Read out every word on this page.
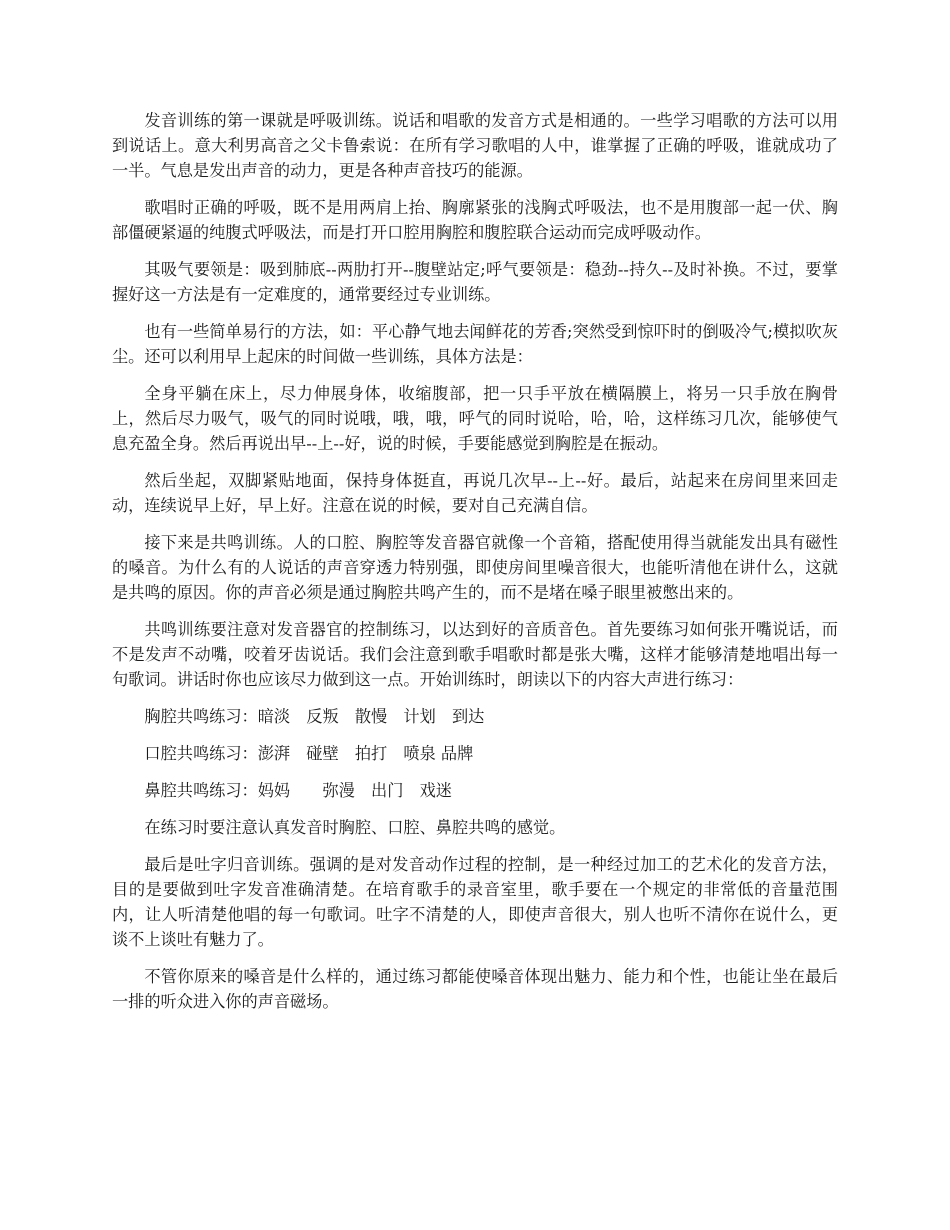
发音训练的第一课就是呼吸训练。说话和唱歌的发音方式是相通的。一些学习唱歌的方法可以用到说话上。意大利男高音之父卡鲁索说：在所有学习歌唱的人中，谁掌握了正确的呼吸，谁就成功了一半。气息是发出声音的动力，更是各种声音技巧的能源。

歌唱时正确的呼吸，既不是用两肩上抬、胸廓紧张的浅胸式呼吸法，也不是用腹部一起一伏、胸部僵硬紧逼的纯腹式呼吸法，而是打开口腔用胸腔和腹腔联合运动而完成呼吸动作。

其吸气要领是：吸到肺底--两肋打开--腹壁站定;呼气要领是：稳劲--持久--及时补换。不过，要掌握好这一方法是有一定难度的，通常要经过专业训练。

也有一些简单易行的方法，如：平心静气地去闻鲜花的芳香;突然受到惊吓时的倒吸冷气;模拟吹灰尘。还可以利用早上起床的时间做一些训练，具体方法是：

全身平躺在床上，尽力伸展身体，收缩腹部，把一只手平放在横隔膜上，将另一只手放在胸骨上，然后尽力吸气，吸气的同时说哦，哦，哦，呼气的同时说哈，哈，哈，这样练习几次，能够使气息充盈全身。然后再说出早--上--好，说的时候，手要能感觉到胸腔是在振动。

然后坐起，双脚紧贴地面，保持身体挺直，再说几次早--上--好。最后，站起来在房间里来回走动，连续说早上好，早上好。注意在说的时候，要对自己充满自信。

接下来是共鸣训练。人的口腔、胸腔等发音器官就像一个音箱，搭配使用得当就能发出具有磁性的嗓音。为什么有的人说话的声音穿透力特别强，即使房间里噪音很大，也能听清他在讲什么，这就是共鸣的原因。你的声音必须是通过胸腔共鸣产生的，而不是堵在嗓子眼里被憋出来的。

共鸣训练要注意对发音器官的控制练习，以达到好的音质音色。首先要练习如何张开嘴说话，而不是发声不动嘴，咬着牙齿说话。我们会注意到歌手唱歌时都是张大嘴，这样才能够清楚地唱出每一句歌词。讲话时你也应该尽力做到这一点。开始训练时，朗读以下的内容大声进行练习：

胸腔共鸣练习：暗淡　反叛　散慢　计划　到达

口腔共鸣练习：澎湃　碰壁　拍打　喷泉 品牌

鼻腔共鸣练习：妈妈　　弥漫　出门　戏迷

在练习时要注意认真发音时胸腔、口腔、鼻腔共鸣的感觉。

最后是吐字归音训练。强调的是对发音动作过程的控制，是一种经过加工的艺术化的发音方法，目的是要做到吐字发音准确清楚。在培育歌手的录音室里，歌手要在一个规定的非常低的音量范围内，让人听清楚他唱的每一句歌词。吐字不清楚的人，即使声音很大，别人也听不清你在说什么，更谈不上谈吐有魅力了。

不管你原来的嗓音是什么样的，通过练习都能使嗓音体现出魅力、能力和个性，也能让坐在最后一排的听众进入你的声音磁场。
